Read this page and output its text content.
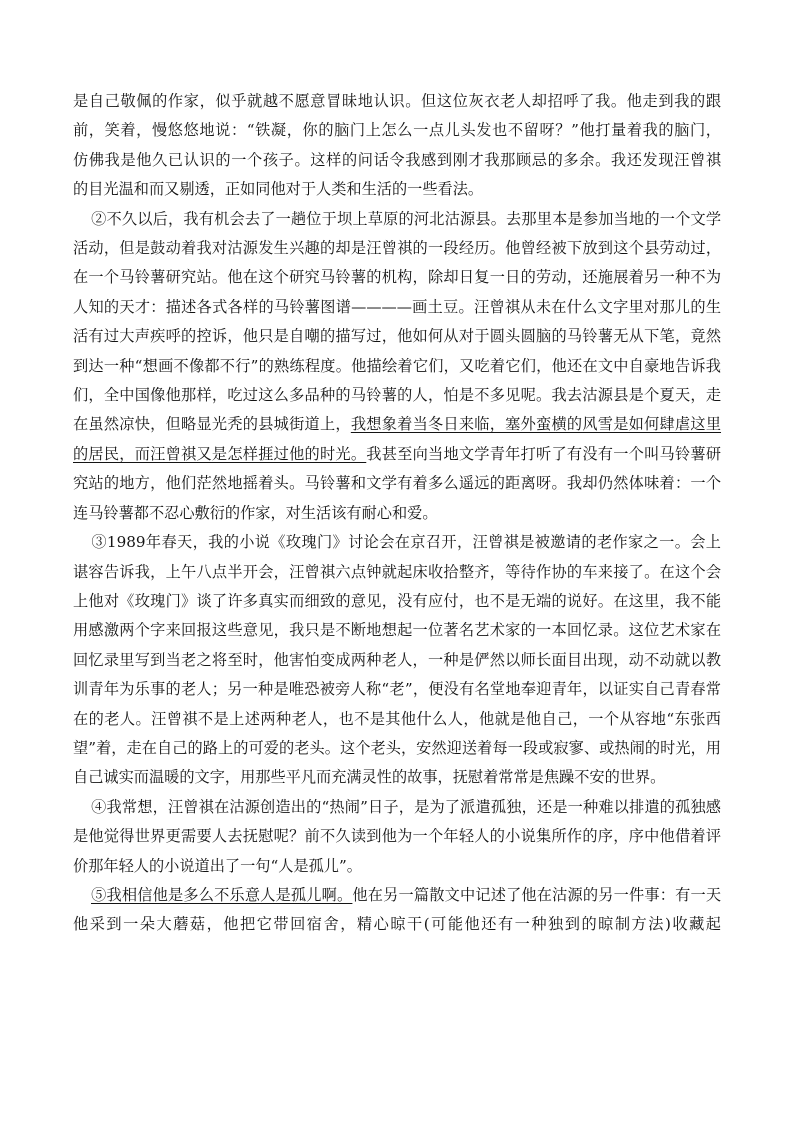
是自己敬佩的作家，似乎就越不愿意冒昧地认识。但这位灰衣老人却招呼了我。他走到我的跟
前，笑着，慢悠悠地说：“铁凝，你的脑门上怎么一点儿头发也不留呀？”他打量着我的脑门，
仿佛我是他久已认识的一个孩子。这样的问话令我感到刚才我那顾忌的多余。我还发现汪曾祺
的目光温和而又剔透，正如同他对于人类和生活的一些看法。

②不久以后，我有机会去了一趟位于坝上草原的河北沽源县。去那里本是参加当地的一个文学活动，但是鼓动着我对沽源发生兴趣的却是汪曾祺的一段经历。他曾经被下放到这个县劳动过，在一个马铃薯研究站。他在这个研究马铃薯的机构，除却日复一日的劳动，还施展着另一种不为人知的天才：描述各式各样的马铃薯图谱————画土豆。汪曾祺从未在什么文字里对那儿的生活有过大声疾呼的控诉，他只是自嘲的描写过，他如何从对于圆头圆脑的马铃薯无从下笔，竟然到达一种“想画不像都不行”的熟练程度。他描绘着它们，又吃着它们，他还在文中自豪地告诉我们，全中国像他那样，吃过这么多品种的马铃薯的人，怕是不多见呢。我去沽源县是个夏天，走在虽然凉快，但略显光秃的县城街道上，我想象着当冬日来临，塞外蛮横的风雪是如何肆虐这里的居民，而汪曾祺又是怎样捱过他的时光。我甚至向当地文学青年打听了有没有一个叫马铃薯研究站的地方，他们茫然地摇着头。马铃薯和文学有着多么遥远的距离呀。我却仍然体味着：一个连马铃薯都不忍心敷衍的作家，对生活该有耐心和爱。

③1989年春天，我的小说《玫瑰门》讨论会在京召开，汪曾祺是被邀请的老作家之一。会上谌容告诉我，上午八点半开会，汪曾祺六点钟就起床收拾整齐，等待作协的车来接了。在这个会上他对《玫瑰门》谈了许多真实而细致的意见，没有应付，也不是无端的说好。在这里，我不能用感激两个字来回报这些意见，我只是不断地想起一位著名艺术家的一本回忆录。这位艺术家在回忆录里写到当老之将至时，他害怕变成两种老人，一种是俨然以师长面目出现，动不动就以教训青年为乐事的老人；另一种是唯恐被旁人称“老”，便没有名堂地奉迎青年，以证实自己青春常在的老人。汪曾祺不是上述两种老人，也不是其他什么人，他就是他自己，一个从容地“东张西望”着，走在自己的路上的可爱的老头。这个老头，安然迎送着每一段或寂寥、或热闹的时光，用自己诚实而温暖的文字，用那些平凡而充满灵性的故事，抚慰着常常是焦躁不安的世界。

④我常想，汪曾祺在沽源创造出的“热闹”日子，是为了派遣孤独，还是一种难以排遣的孤独感是他觉得世界更需要人去抚慰呢？前不久读到他为一个年轻人的小说集所作的序，序中他借着评价那年轻人的小说道出了一句“人是孤儿”。

⑤我相信他是多么不乐意人是孤儿啊。他在另一篇散文中记述了他在沽源的另一件事：有一天他采到一朵大蘑菇，他把它带回宿舍，精心晾干(可能他还有一种独到的晾制方法)收藏起
